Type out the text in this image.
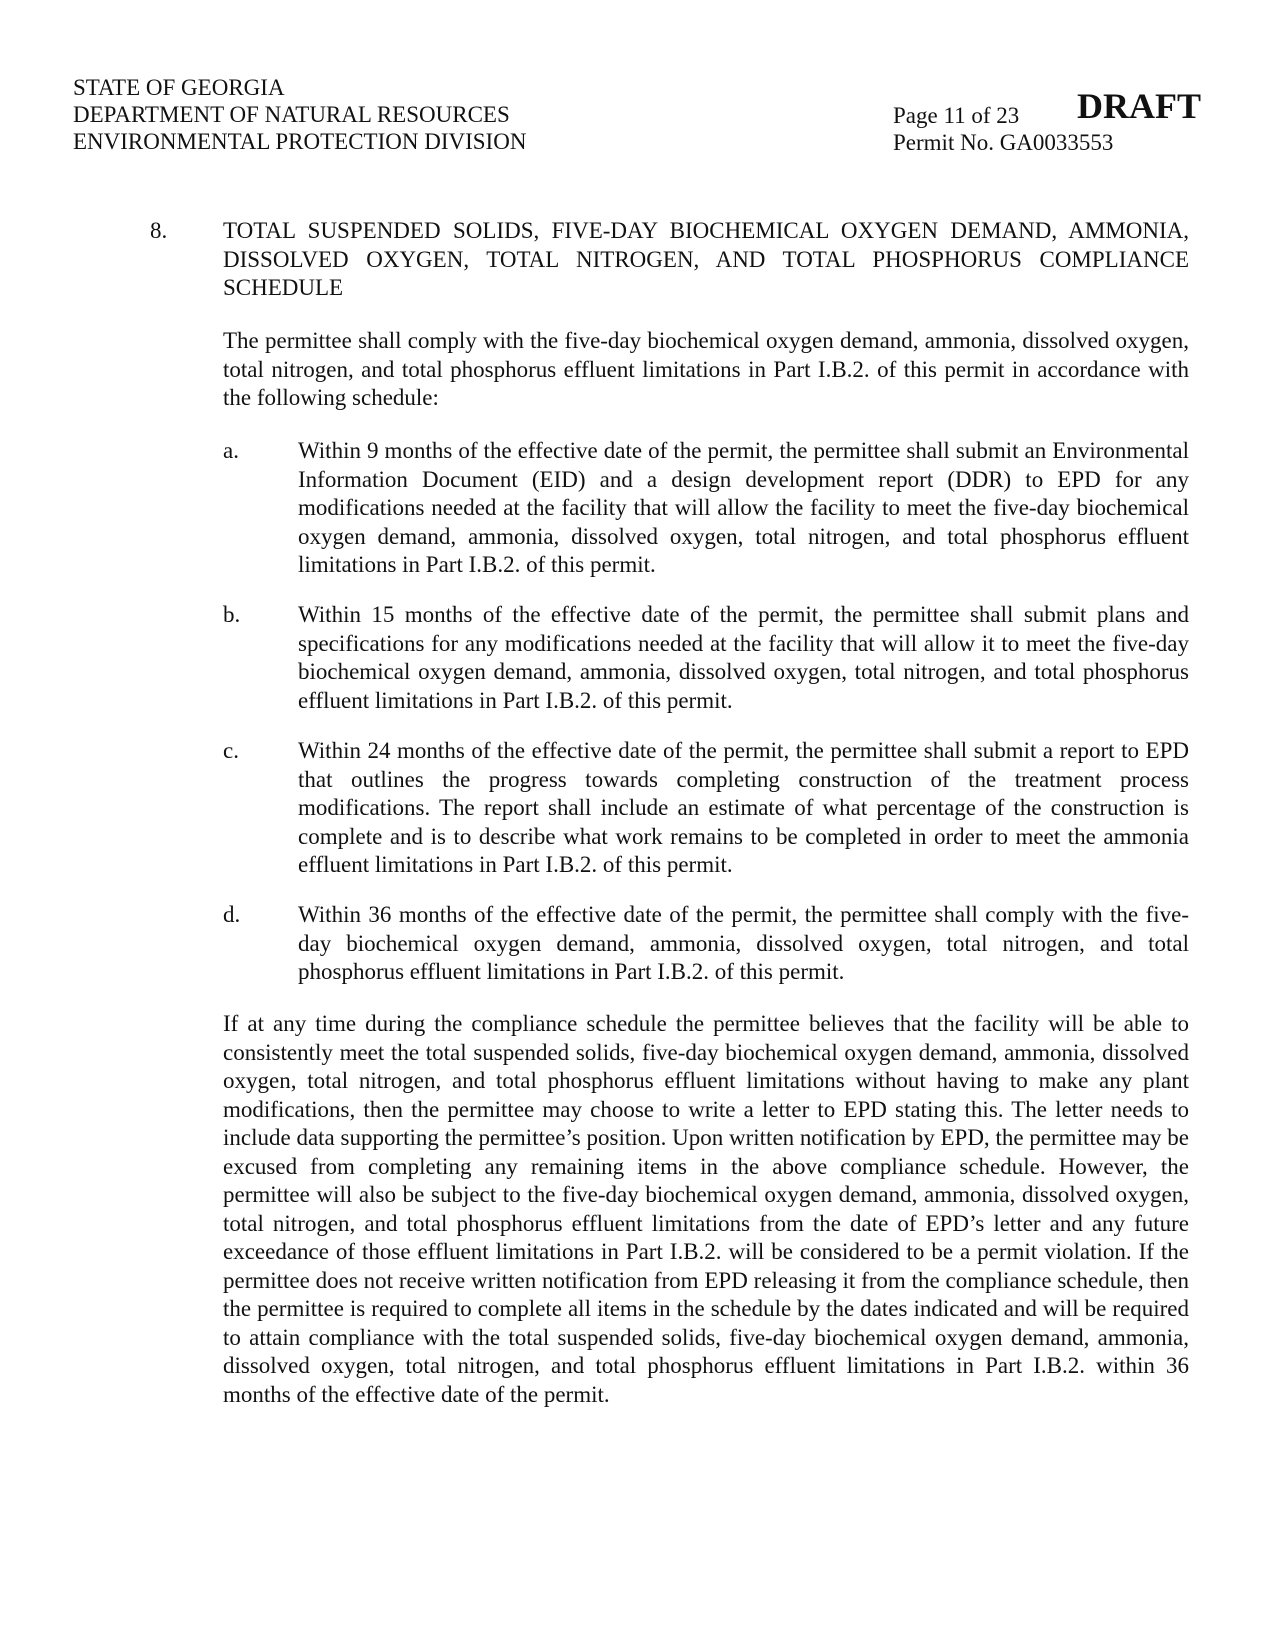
STATE OF GEORGIA
DEPARTMENT OF NATURAL RESOURCES
ENVIRONMENTAL PROTECTION DIVISION
DRAFT
Page 11 of 23
Permit No. GA0033553
8. TOTAL SUSPENDED SOLIDS, FIVE-DAY BIOCHEMICAL OXYGEN DEMAND, AMMONIA, DISSOLVED OXYGEN, TOTAL NITROGEN, AND TOTAL PHOSPHORUS COMPLIANCE SCHEDULE
The permittee shall comply with the five-day biochemical oxygen demand, ammonia, dissolved oxygen, total nitrogen, and total phosphorus effluent limitations in Part I.B.2. of this permit in accordance with the following schedule:
a.	Within 9 months of the effective date of the permit, the permittee shall submit an Environmental Information Document (EID) and a design development report (DDR) to EPD for any modifications needed at the facility that will allow the facility to meet the five-day biochemical oxygen demand, ammonia, dissolved oxygen, total nitrogen, and total phosphorus effluent limitations in Part I.B.2. of this permit.
b.	Within 15 months of the effective date of the permit, the permittee shall submit plans and specifications for any modifications needed at the facility that will allow it to meet the five-day biochemical oxygen demand, ammonia, dissolved oxygen, total nitrogen, and total phosphorus effluent limitations in Part I.B.2. of this permit.
c.	Within 24 months of the effective date of the permit, the permittee shall submit a report to EPD that outlines the progress towards completing construction of the treatment process modifications. The report shall include an estimate of what percentage of the construction is complete and is to describe what work remains to be completed in order to meet the ammonia effluent limitations in Part I.B.2. of this permit.
d.	Within 36 months of the effective date of the permit, the permittee shall comply with the five-day biochemical oxygen demand, ammonia, dissolved oxygen, total nitrogen, and total phosphorus effluent limitations in Part I.B.2. of this permit.
If at any time during the compliance schedule the permittee believes that the facility will be able to consistently meet the total suspended solids, five-day biochemical oxygen demand, ammonia, dissolved oxygen, total nitrogen, and total phosphorus effluent limitations without having to make any plant modifications, then the permittee may choose to write a letter to EPD stating this. The letter needs to include data supporting the permittee’s position. Upon written notification by EPD, the permittee may be excused from completing any remaining items in the above compliance schedule. However, the permittee will also be subject to the five-day biochemical oxygen demand, ammonia, dissolved oxygen, total nitrogen, and total phosphorus effluent limitations from the date of EPD’s letter and any future exceedance of those effluent limitations in Part I.B.2. will be considered to be a permit violation. If the permittee does not receive written notification from EPD releasing it from the compliance schedule, then the permittee is required to complete all items in the schedule by the dates indicated and will be required to attain compliance with the total suspended solids, five-day biochemical oxygen demand, ammonia, dissolved oxygen, total nitrogen, and total phosphorus effluent limitations in Part I.B.2. within 36 months of the effective date of the permit.
